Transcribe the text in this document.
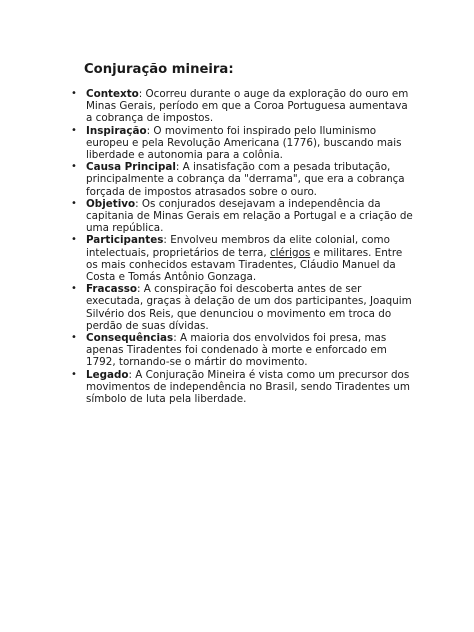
Conjuração mineira:
• Contexto: Ocorreu durante o auge da exploração do ouro em Minas Gerais, período em que a Coroa Portuguesa aumentava a cobrança de impostos.
• Inspiração: O movimento foi inspirado pelo Iluminismo europeu e pela Revolução Americana (1776), buscando mais liberdade e autonomia para a colônia.
• Causa Principal: A insatisfação com a pesada tributação, principalmente a cobrança da "derrama", que era a cobrança forçada de impostos atrasados sobre o ouro.
• Objetivo: Os conjurados desejavam a independência da capitania de Minas Gerais em relação a Portugal e a criação de uma república.
• Participantes: Envolveu membros da elite colonial, como intelectuais, proprietários de terra, clérigos e militares. Entre os mais conhecidos estavam Tiradentes, Cláudio Manuel da Costa e Tomás Antônio Gonzaga.
• Fracasso: A conspiração foi descoberta antes de ser executada, graças à delação de um dos participantes, Joaquim Silvério dos Reis, que denunciou o movimento em troca do perdão de suas dívidas.
• Consequências: A maioria dos envolvidos foi presa, mas apenas Tiradentes foi condenado à morte e enforcado em 1792, tornando-se o mártir do movimento.
• Legado: A Conjuração Mineira é vista como um precursor dos movimentos de independência no Brasil, sendo Tiradentes um símbolo de luta pela liberdade.
